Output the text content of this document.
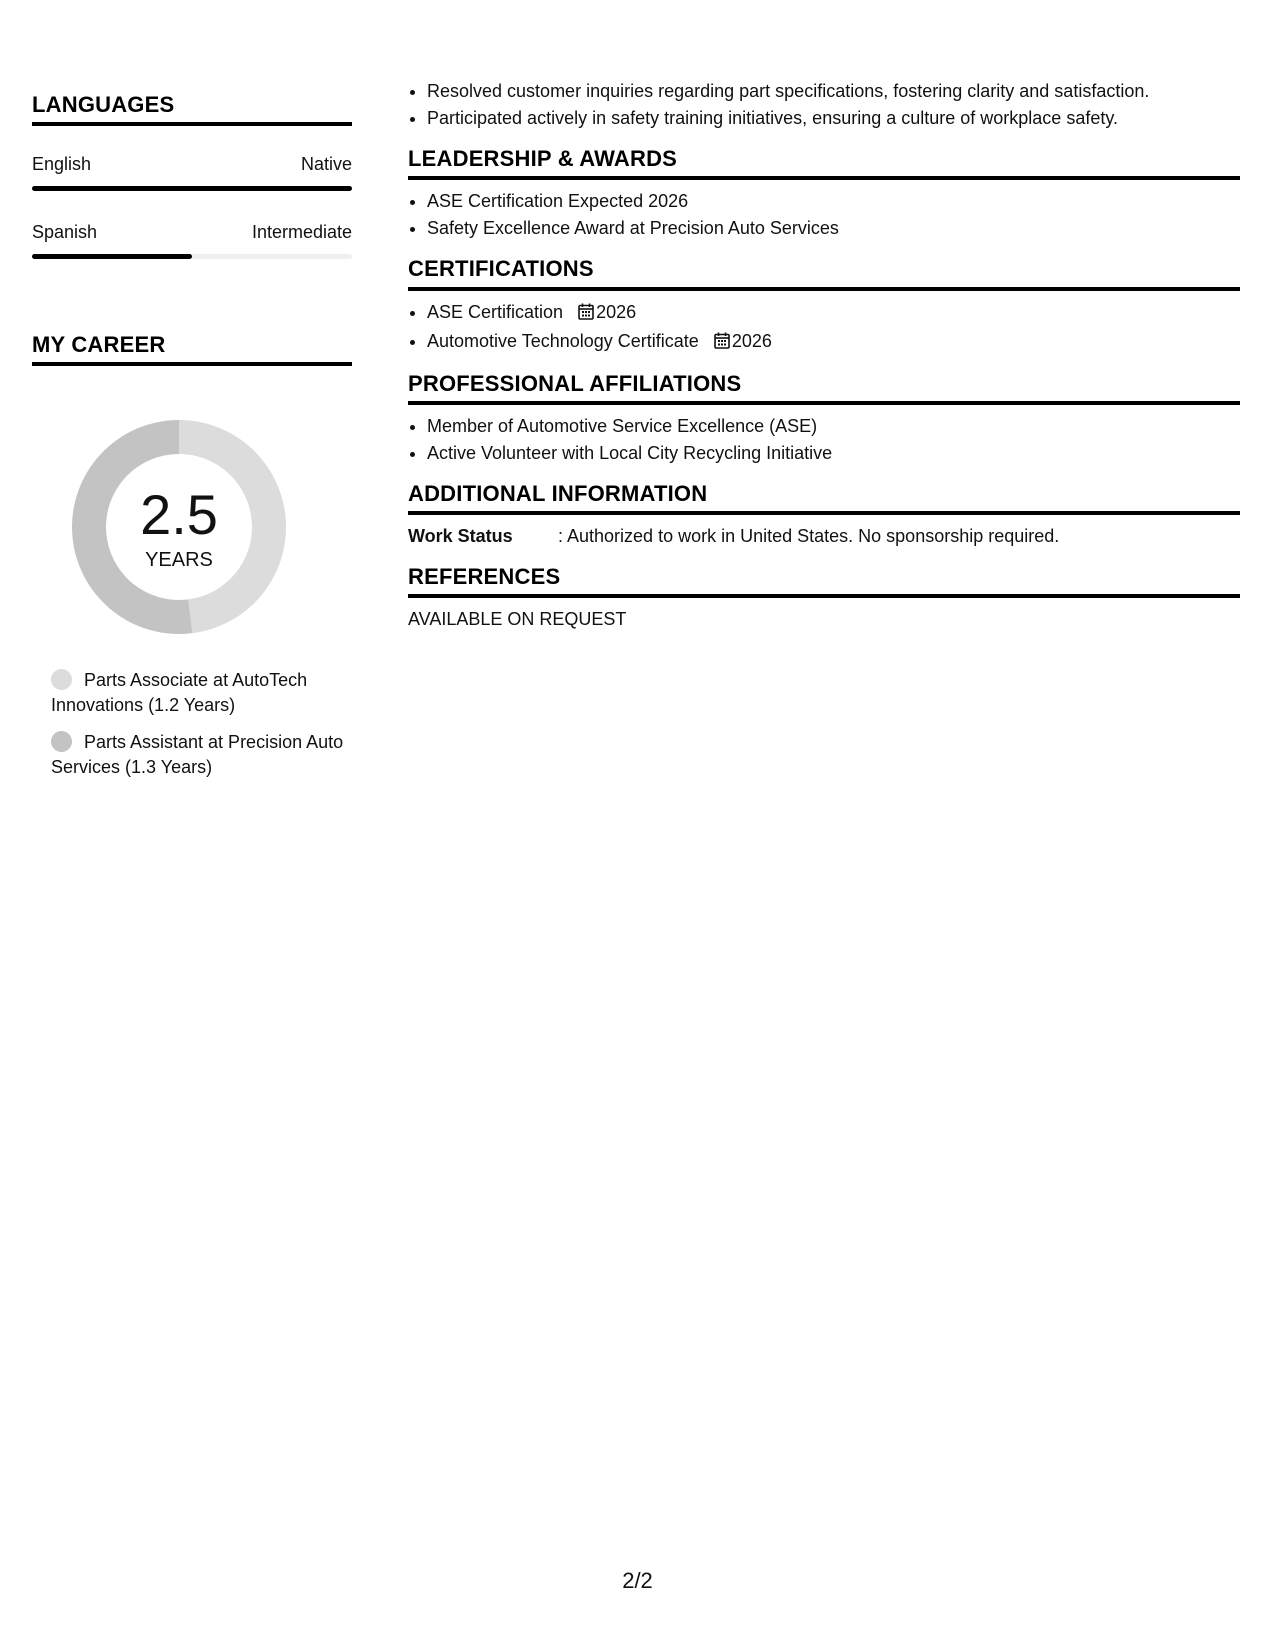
LANGUAGES
English	Native
Spanish	Intermediate
MY CAREER
2.5
YEARS
Parts Associate at AutoTech Innovations (1.2 Years)
Parts Assistant at Precision Auto Services (1.3 Years)
• Resolved customer inquiries regarding part specifications, fostering clarity and satisfaction.
• Participated actively in safety training initiatives, ensuring a culture of workplace safety.
LEADERSHIP & AWARDS
• ASE Certification Expected 2026
• Safety Excellence Award at Precision Auto Services
CERTIFICATIONS
• ASE Certification 2026
• Automotive Technology Certificate 2026
PROFESSIONAL AFFILIATIONS
• Member of Automotive Service Excellence (ASE)
• Active Volunteer with Local City Recycling Initiative
ADDITIONAL INFORMATION
Work Status	: Authorized to work in United States. No sponsorship required.
REFERENCES
AVAILABLE ON REQUEST
2/2
